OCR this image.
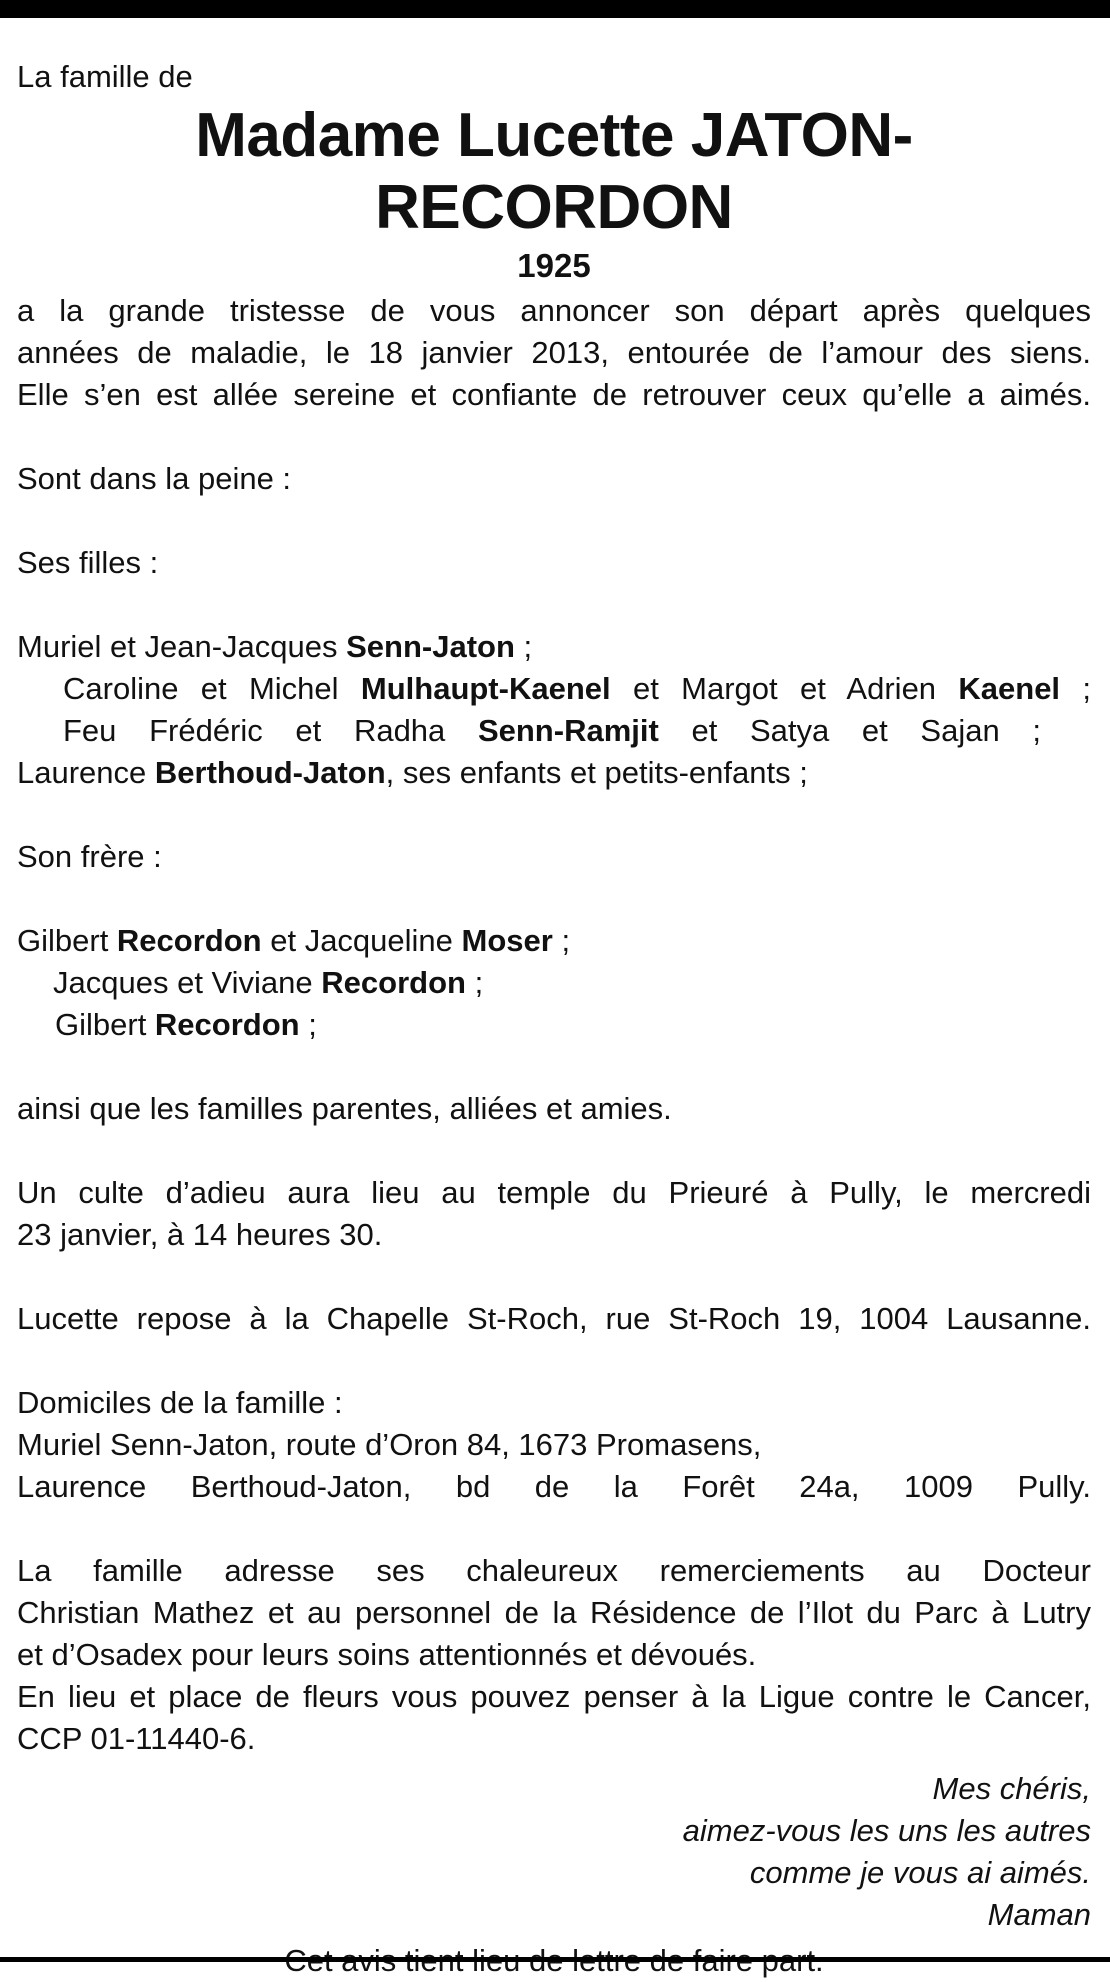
La famille de

Madame Lucette JATON-RECORDON
1925
a la grande tristesse de vous annoncer son départ après quelques
années de maladie, le 18 janvier 2013, entourée de l’amour des siens.
Elle s’en est allée sereine et confiante de retrouver ceux qu’elle a aimés.
Sont dans la peine :
Ses filles :
Muriel et Jean-Jacques Senn-Jaton ;
Caroline et Michel Mulhaupt-Kaenel et Margot et Adrien Kaenel ;
Feu Frédéric et Radha Senn-Ramjit et Satya et Sajan ;
Laurence Berthoud-Jaton, ses enfants et petits-enfants ;
Son frère :
Gilbert Recordon et Jacqueline Moser ;
Jacques et Viviane Recordon ;
Gilbert Recordon ;
ainsi que les familles parentes, alliées et amies.
Un culte d’adieu aura lieu au temple du Prieuré à Pully, le mercredi
23 janvier, à 14 heures 30.
Lucette repose à la Chapelle St-Roch, rue St-Roch 19, 1004 Lausanne.
Domiciles de la famille :
Muriel Senn-Jaton, route d’Oron 84, 1673 Promasens,
Laurence Berthoud-Jaton, bd de la Forêt 24a, 1009 Pully.
La famille adresse ses chaleureux remerciements au Docteur
Christian Mathez et au personnel de la Résidence de l’Ilot du Parc à Lutry
et d’Osadex pour leurs soins attentionnés et dévoués.
En lieu et place de fleurs vous pouvez penser à la Ligue contre le Cancer,
CCP 01-11440-6.
Mes chéris,
aimez-vous les uns les autres
comme je vous ai aimés.
Maman
